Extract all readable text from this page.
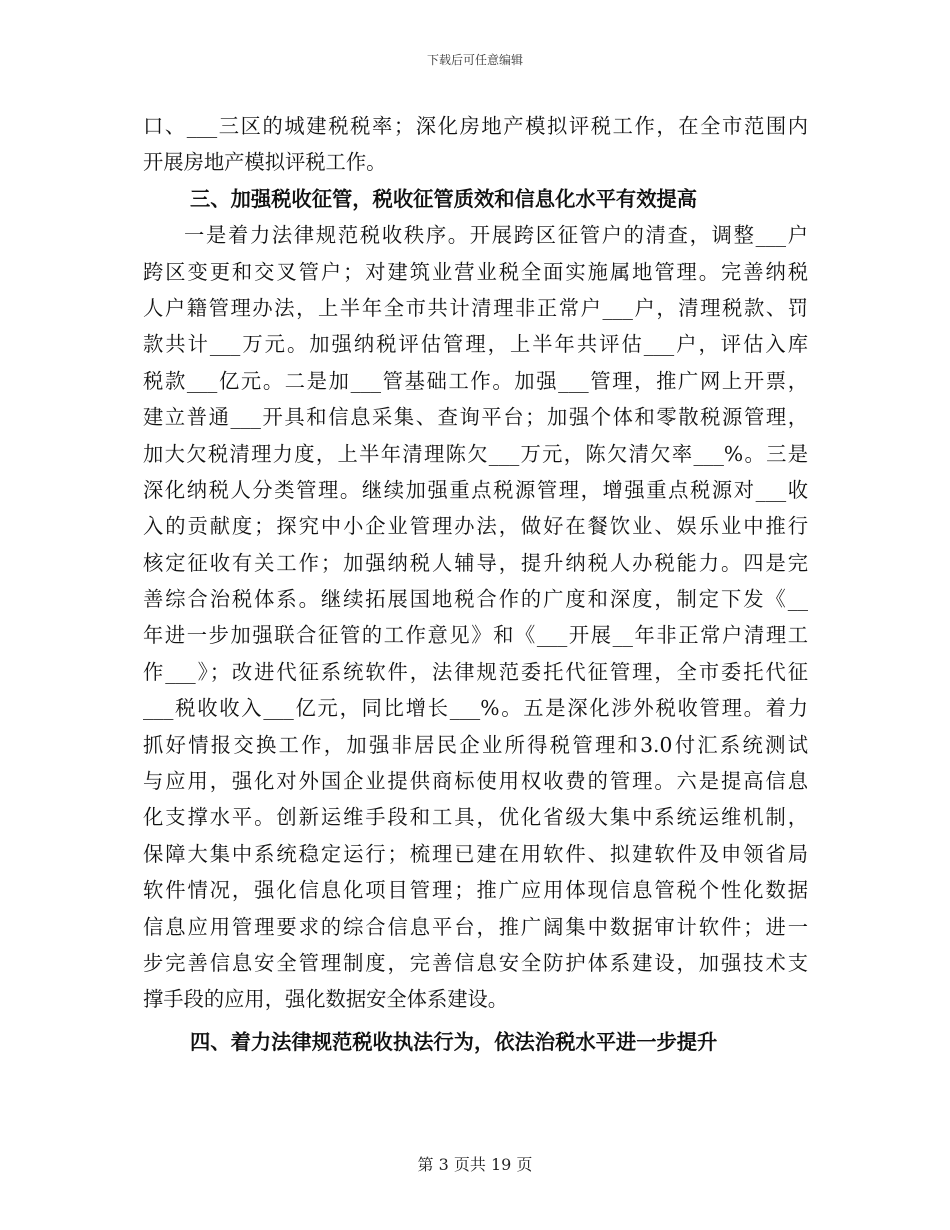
下载后可任意编辑
口、___三区的城建税税率；深化房地产模拟评税工作，在全市范围内
开展房地产模拟评税工作。
三、加强税收征管，税收征管质效和信息化水平有效提高
一是着力法律规范税收秩序。开展跨区征管户的清查，调整___户
跨区变更和交叉管户；对建筑业营业税全面实施属地管理。完善纳税
人户籍管理办法，上半年全市共计清理非正常户___户，清理税款、罚
款共计___万元。加强纳税评估管理，上半年共评估___户，评估入库
税款___亿元。二是加___管基础工作。加强___管理，推广网上开票，
建立普通___开具和信息采集、查询平台；加强个体和零散税源管理，
加大欠税清理力度，上半年清理陈欠___万元，陈欠清欠率___%。三是
深化纳税人分类管理。继续加强重点税源管理，增强重点税源对___收
入的贡献度；探究中小企业管理办法，做好在餐饮业、娱乐业中推行
核定征收有关工作；加强纳税人辅导，提升纳税人办税能力。四是完
善综合治税体系。继续拓展国地税合作的广度和深度，制定下发《__
年进一步加强联合征管的工作意见》和《___开展__年非正常户清理工
作___》；改进代征系统软件，法律规范委托代征管理，全市委托代征
___税收收入___亿元，同比增长___%。五是深化涉外税收管理。着力
抓好情报交换工作，加强非居民企业所得税管理和3.0付汇系统测试
与应用，强化对外国企业提供商标使用权收费的管理。六是提高信息
化支撑水平。创新运维手段和工具，优化省级大集中系统运维机制，
保障大集中系统稳定运行；梳理已建在用软件、拟建软件及申领省局
软件情况，强化信息化项目管理；推广应用体现信息管税个性化数据
信息应用管理要求的综合信息平台，推广阔集中数据审计软件；进一
步完善信息安全管理制度，完善信息安全防护体系建设，加强技术支
撑手段的应用，强化数据安全体系建设。
四、着力法律规范税收执法行为，依法治税水平进一步提升
第 3 页共 19 页
